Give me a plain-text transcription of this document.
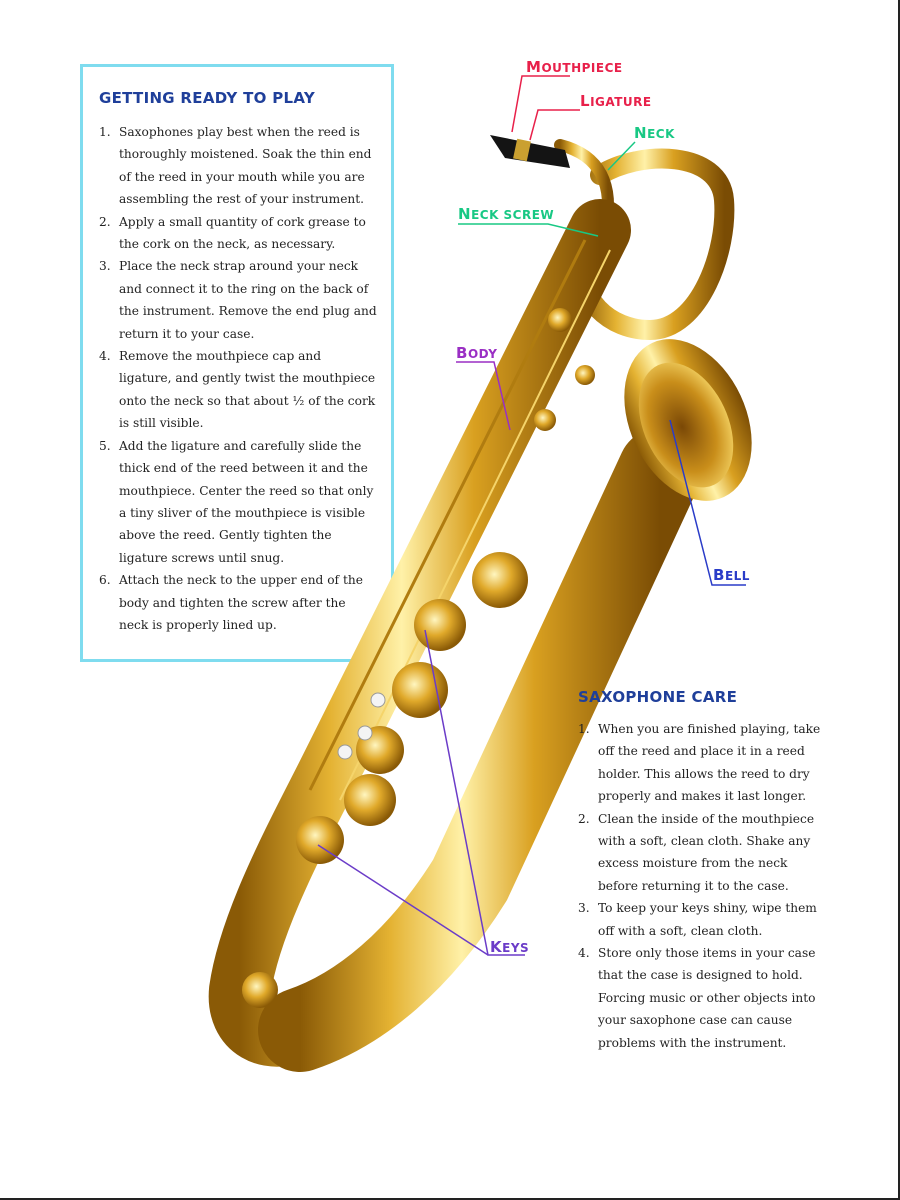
GETTING READY TO PLAY
1. Saxophones play best when the reed is thoroughly moistened. Soak the thin end of the reed in your mouth while you are assembling the rest of your instrument.
2. Apply a small quantity of cork grease to the cork on the neck, as necessary.
3. Place the neck strap around your neck and connect it to the ring on the back of the instrument. Remove the end plug and return it to your case.
4. Remove the mouthpiece cap and ligature, and gently twist the mouthpiece onto the neck so that about ½ of the cork is still visible.
5. Add the ligature and carefully slide the thick end of the reed between it and the mouthpiece. Center the reed so that only a tiny sliver of the mouthpiece is visible above the reed. Gently tighten the ligature screws until snug.
6. Attach the neck to the upper end of the body and tighten the screw after the neck is properly lined up.
MOUTHPIECE
LIGATURE
NECK
NECK SCREW
BODY
BELL
KEYS
SAXOPHONE CARE
1. When you are finished playing, take off the reed and place it in a reed holder. This allows the reed to dry properly and makes it last longer.
2. Clean the inside of the mouthpiece with a soft, clean cloth. Shake any excess moisture from the neck before returning it to the case.
3. To keep your keys shiny, wipe them off with a soft, clean cloth.
4. Store only those items in your case that the case is designed to hold. Forcing music or other objects into your saxophone case can cause problems with the instrument.
